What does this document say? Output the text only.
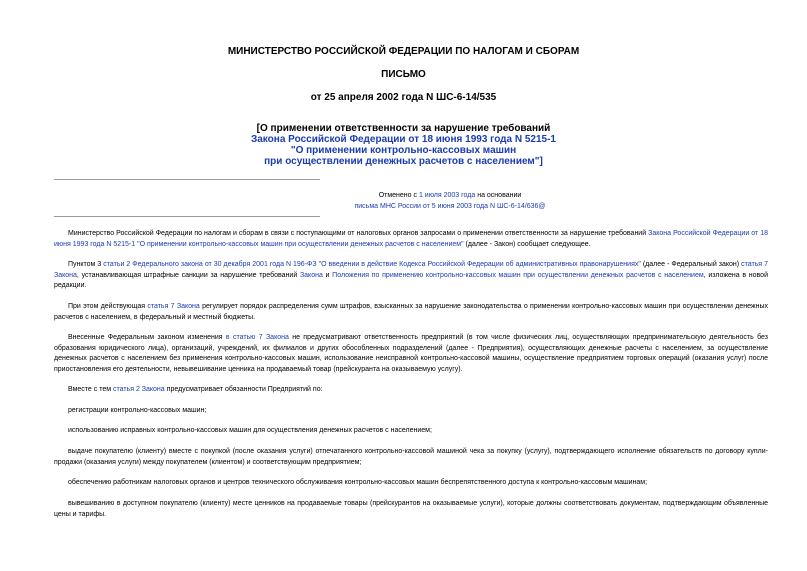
МИНИСТЕРСТВО РОССИЙСКОЙ ФЕДЕРАЦИИ ПО НАЛОГАМ И СБОРАМ
ПИСЬМО
от 25 апреля 2002 года N ШС-6-14/535
[О применении ответственности за нарушение требований
Закона Российской Федерации от 18 июня 1993 года N 5215-1
"О применении контрольно-кассовых машин
при осуществлении денежных расчетов с населением"]
Отменено с 1 июля 2003 года на основании
письма МНС России от 5 июня 2003 года N ШС-6-14/636@
Министерство Российской Федерации по налогам и сборам в связи с поступающими от налоговых органов запросами о применении ответственности за нарушение требований Закона Российской Федерации от 18 июня 1993 года N 5215-1 "О применении контрольно-кассовых машин при осуществлении денежных расчетов с населением" (далее - Закон) сообщает следующее.
Пунктом 3 статьи 2 Федерального закона от 30 декабря 2001 года N 196-ФЗ "О введении в действие Кодекса Российской Федерации об административных правонарушениях" (далее - Федеральный закон) статья 7 Закона, устанавливающая штрафные санкции за нарушение требований Закона и Положения по применению контрольно-кассовых машин при осуществлении денежных расчетов с населением, изложена в новой редакции.
При этом действующая статья 7 Закона регулирует порядок распределения сумм штрафов, взысканных за нарушение законодательства о применении контрольно-кассовых машин при осуществлении денежных расчетов с населением, в федеральный и местный бюджеты.
Внесенные Федеральным законом изменения в статью 7 Закона не предусматривают ответственность предприятий (в том числе физических лиц, осуществляющих предпринимательскую деятельность без образования юридического лица), организаций, учреждений, их филиалов и других обособленных подразделений (далее - Предприятия), осуществляющих денежные расчеты с населением, за осуществление денежных расчетов с населением без применения контрольно-кассовых машин, использование неисправной контрольно-кассовой машины, осуществление предприятием торговых операций (оказания услуг) после приостановления его деятельности, невывешивание ценника на продаваемый товар (прейскуранта на оказываемую услугу).
Вместе с тем статья 2 Закона предусматривает обязанности Предприятий по:
регистрации контрольно-кассовых машин;
использованию исправных контрольно-кассовых машин для осуществления денежных расчетов с населением;
выдаче покупателю (клиенту) вместе с покупкой (после оказания услуги) отпечатанного контрольно-кассовой машиной чека за покупку (услугу), подтверждающего исполнение обязательств по договору купли-продажи (оказания услуги) между покупателем (клиентом) и соответствующим предприятием;
обеспечению работникам налоговых органов и центров технического обслуживания контрольно-кассовых машин беспрепятственного доступа к контрольно-кассовым машинам;
вывешиванию в доступном покупателю (клиенту) месте ценников на продаваемые товары (прейскурантов на оказываемые услуги), которые должны соответствовать документам, подтверждающим объявленные цены и тарифы.
